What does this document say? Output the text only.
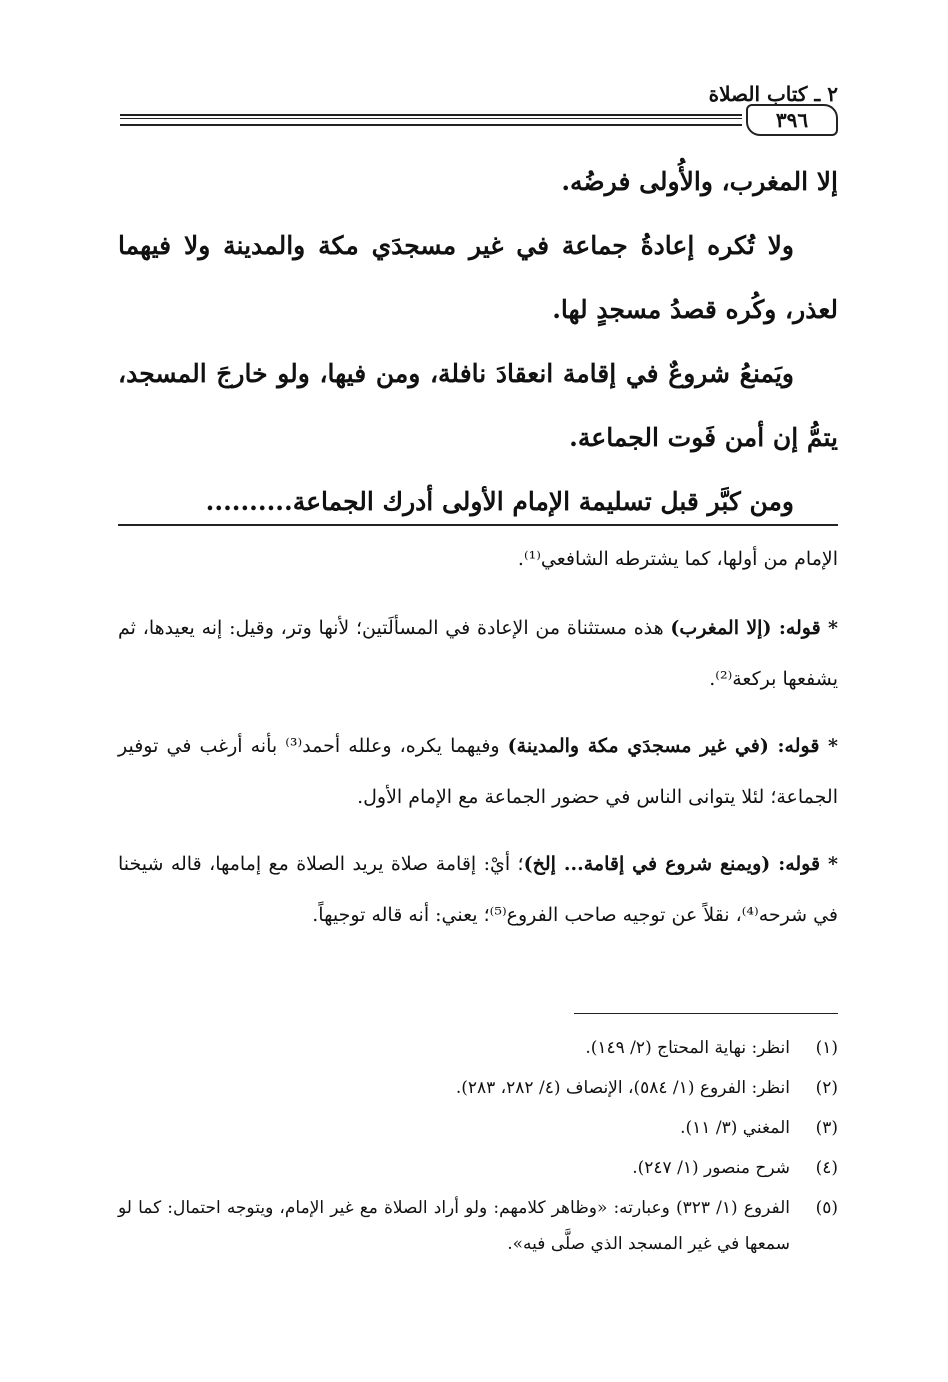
٢ ـ كتاب الصلاة
٣٩٦

إلا المغرب، والأُولى فرضُه.

ولا تُكره إعادةُ جماعة في غير مسجدَي مكة والمدينة ولا فيهما لعذر، وكُره قصدُ مسجدٍ لها.

ويَمنعُ شروعٌ في إقامة انعقادَ نافلة، ومن فيها، ولو خارجَ المسجد، يتمُّ إن أمن فَوت الجماعة.

ومن كبَّر قبل تسليمة الإمام الأولى أدرك الجماعة..........

الإمام من أولها، كما يشترطه الشافعي⁽¹⁾.

* قوله: (إلا المغرب) هذه مستثناة من الإعادة في المسألَتين؛ لأنها وتر، وقيل: إنه يعيدها، ثم يشفعها بركعة⁽²⁾.

* قوله: (في غير مسجدَي مكة والمدينة) وفيهما يكره، وعلله أحمد⁽³⁾ بأنه أرغب في توفير الجماعة؛ لئلا يتوانى الناس في حضور الجماعة مع الإمام الأول.

* قوله: (ويمنع شروع في إقامة... إلخ)؛ أيْ: إقامة صلاة يريد الصلاة مع إمامها، قاله شيخنا في شرحه⁽⁴⁾، نقلاً عن توجيه صاحب الفروع⁽⁵⁾؛ يعني: أنه قاله توجيهاً.

(١)
انظر: نهاية المحتاج (٢/ ١٤٩).
(٢)
انظر: الفروع (١/ ٥٨٤)، الإنصاف (٤/ ٢٨٢، ٢٨٣).
(٣)
المغني (٣/ ١١).
(٤)
شرح منصور (١/ ٢٤٧).
(٥)
الفروع (١/ ٣٢٣) وعبارته: «وظاهر كلامهم: ولو أراد الصلاة مع غير الإمام، ويتوجه احتمال: كما لو سمعها في غير المسجد الذي صلَّى فيه».
